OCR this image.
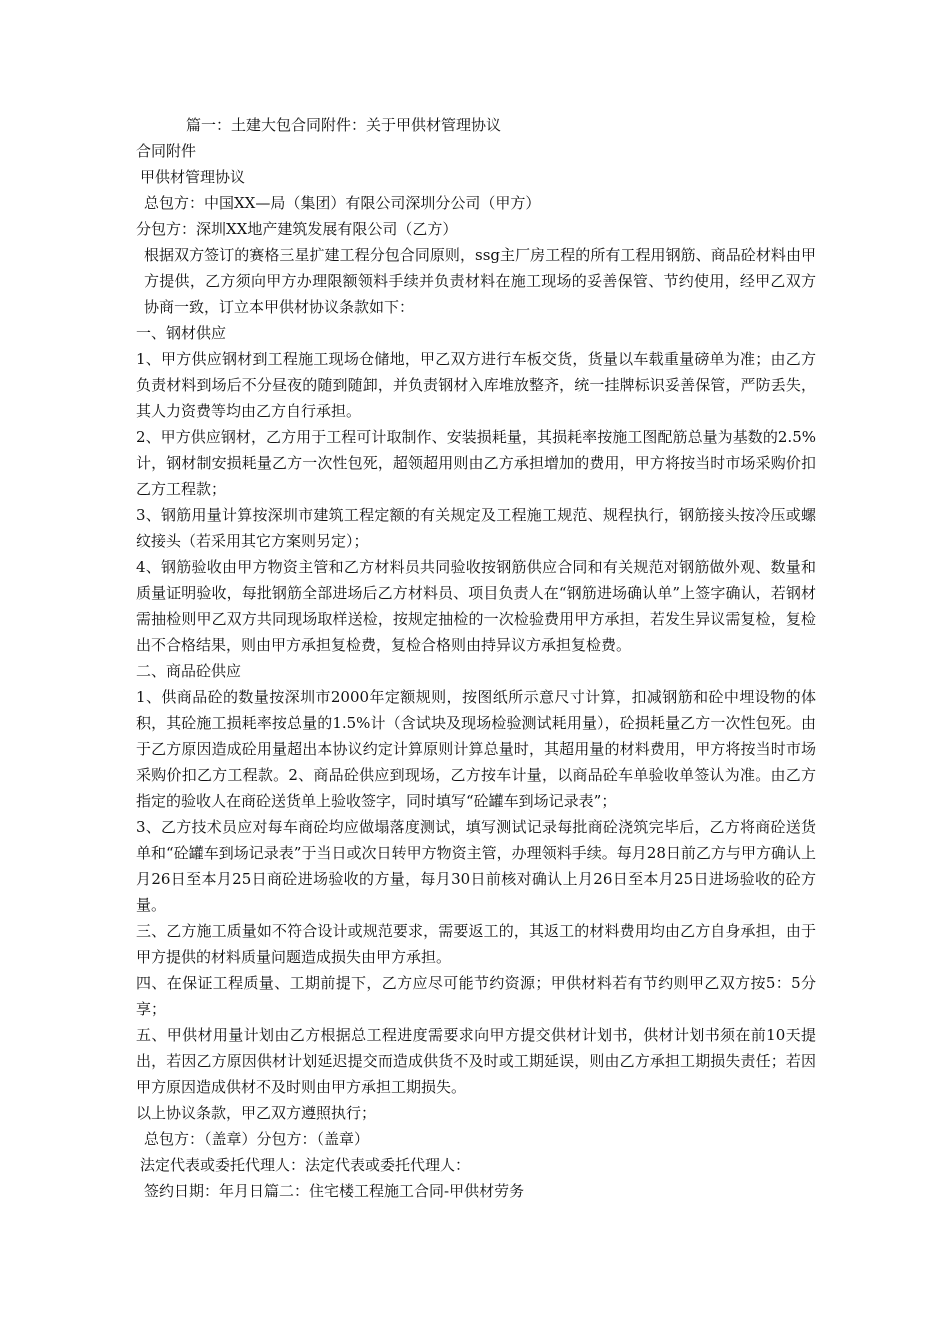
篇一：土建大包合同附件：关于甲供材管理协议

合同附件

甲供材管理协议

总包方：中国XX—局（集团）有限公司深圳分公司（甲方）

分包方：深圳XX地产建筑发展有限公司（乙方）

根据双方签订的赛格三星扩建工程分包合同原则，ssg主厂房工程的所有工程用钢筋、商品砼材料由甲方提供，乙方须向甲方办理限额领料手续并负责材料在施工现场的妥善保管、节约使用，经甲乙双方协商一致，订立本甲供材协议条款如下：

一、钢材供应

1、甲方供应钢材到工程施工现场仓储地，甲乙双方进行车板交货，货量以车载重量磅单为准；由乙方负责材料到场后不分昼夜的随到随卸，并负责钢材入库堆放整齐，统一挂牌标识妥善保管，严防丢失，其人力资费等均由乙方自行承担。

2、甲方供应钢材，乙方用于工程可计取制作、安装损耗量，其损耗率按施工图配筋总量为基数的2.5%计，钢材制安损耗量乙方一次性包死，超领超用则由乙方承担增加的费用，甲方将按当时市场采购价扣乙方工程款；

3、钢筋用量计算按深圳市建筑工程定额的有关规定及工程施工规范、规程执行，钢筋接头按冷压或螺纹接头（若采用其它方案则另定）；

4、钢筋验收由甲方物资主管和乙方材料员共同验收按钢筋供应合同和有关规范对钢筋做外观、数量和质量证明验收，每批钢筋全部进场后乙方材料员、项目负责人在“钢筋进场确认单”上签字确认，若钢材需抽检则甲乙双方共同现场取样送检，按规定抽检的一次检验费用甲方承担，若发生异议需复检，复检出不合格结果，则由甲方承担复检费，复检合格则由持异议方承担复检费。

二、商品砼供应

1、供商品砼的数量按深圳市2000年定额规则，按图纸所示意尺寸计算，扣减钢筋和砼中埋设物的体积，其砼施工损耗率按总量的1.5%计（含试块及现场检验测试耗用量），砼损耗量乙方一次性包死。由于乙方原因造成砼用量超出本协议约定计算原则计算总量时，其超用量的材料费用，甲方将按当时市场采购价扣乙方工程款。2、商品砼供应到现场，乙方按车计量，以商品砼车单验收单签认为准。由乙方指定的验收人在商砼送货单上验收签字，同时填写“砼罐车到场记录表”；

3、乙方技术员应对每车商砼均应做塌落度测试，填写测试记录每批商砼浇筑完毕后，乙方将商砼送货单和“砼罐车到场记录表”于当日或次日转甲方物资主管，办理领料手续。每月28日前乙方与甲方确认上月26日至本月25日商砼进场验收的方量，每月30日前核对确认上月26日至本月25日进场验收的砼方量。

三、乙方施工质量如不符合设计或规范要求，需要返工的，其返工的材料费用均由乙方自身承担，由于甲方提供的材料质量问题造成损失由甲方承担。

四、在保证工程质量、工期前提下，乙方应尽可能节约资源；甲供材料若有节约则甲乙双方按5：5分享；

五、甲供材用量计划由乙方根据总工程进度需要求向甲方提交供材计划书，供材计划书须在前10天提出，若因乙方原因供材计划延迟提交而造成供货不及时或工期延误，则由乙方承担工期损失责任；若因甲方原因造成供材不及时则由甲方承担工期损失。

以上协议条款，甲乙双方遵照执行；

总包方：（盖章）分包方：（盖章）

法定代表或委托代理人：法定代表或委托代理人：

签约日期：年月日篇二：住宅楼工程施工合同-甲供材劳务
